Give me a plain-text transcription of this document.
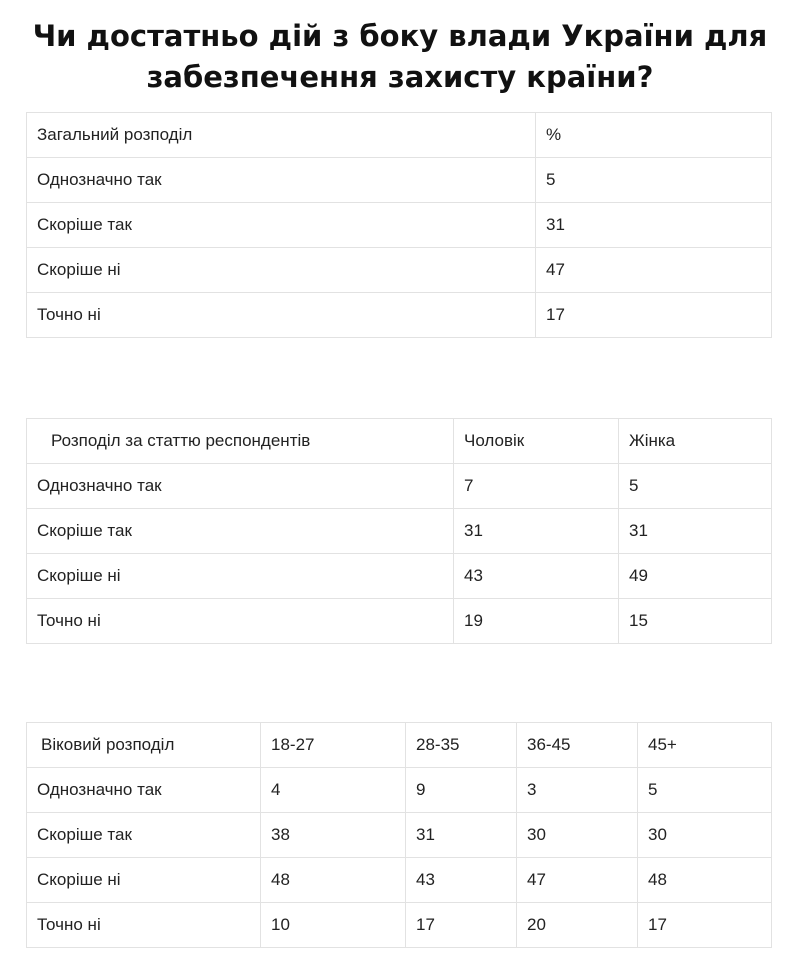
Чи достатньо дій з боку влади України для
забезпечення захисту країни?
Загальний розподіл	%
Однозначно так	5
Скоріше так	31
Скоріше ні	47
Точно ні	17
Розподіл за статтю респондентів	Чоловік	Жінка
Однозначно так	7	5
Скоріше так	31	31
Скоріше ні	43	49
Точно ні	19	15
Віковий розподіл	18-27	28-35	36-45	45+
Однозначно так	4	9	3	5
Скоріше так	38	31	30	30
Скоріше ні	48	43	47	48
Точно ні	10	17	20	17
